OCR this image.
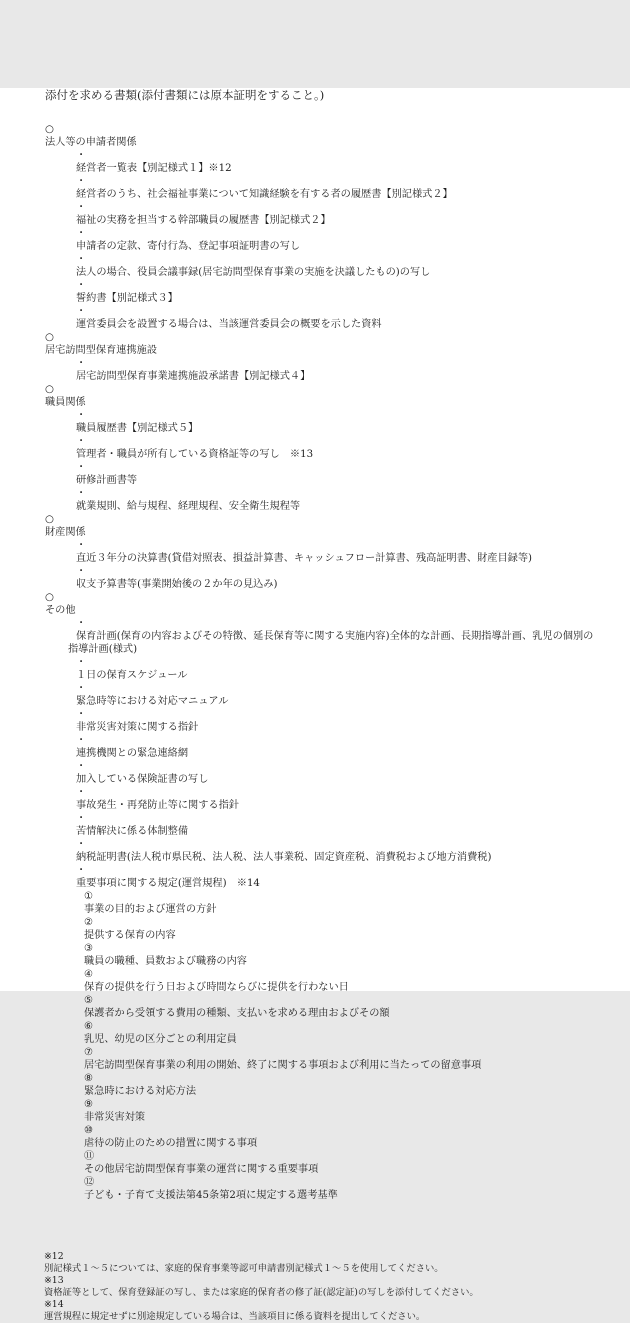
添付を求める書類(添付書類には原本証明をすること。)
○
法人等の申請者関係
・
経営者一覧表【別記様式１】※12
・
経営者のうち、社会福祉事業について知識経験を有する者の履歴書【別記様式２】
・
福祉の実務を担当する幹部職員の履歴書【別記様式２】
・
申請者の定款、寄付行為、登記事項証明書の写し
・
法人の場合、役員会議事録(居宅訪問型保育事業の実施を決議したもの)の写し
・
誓約書【別記様式３】
・
運営委員会を設置する場合は、当該運営委員会の概要を示した資料
○
居宅訪問型保育連携施設
・
居宅訪問型保育事業連携施設承諾書【別記様式４】
○
職員関係
・
職員履歴書【別記様式５】
・
管理者・職員が所有している資格証等の写し　※13
・
研修計画書等
・
就業規則、給与規程、経理規程、安全衛生規程等
○
財産関係
・
直近３年分の決算書(貸借対照表、損益計算書、キャッシュフロー計算書、残高証明書、財産目録等)
・
収支予算書等(事業開始後の２か年の見込み)
○
その他
・
保育計画(保育の内容およびその特徴、延長保育等に関する実施内容)全体的な計画、長期指導計画、乳児の個別の指導計画(様式)
・
１日の保育スケジュール
・
緊急時等における対応マニュアル
・
非常災害対策に関する指針
・
連携機関との緊急連絡網
・
加入している保険証書の写し
・
事故発生・再発防止等に関する指針
・
苦情解決に係る体制整備
・
納税証明書(法人税市県民税、法人税、法人事業税、固定資産税、消費税および地方消費税)
・
重要事項に関する規定(運営規程)　※14
①
事業の目的および運営の方針
②
提供する保育の内容
③
職員の職種、員数および職務の内容
④
保育の提供を行う日および時間ならびに提供を行わない日
⑤
保護者から受領する費用の種類、支払いを求める理由およびその額
⑥
乳児、幼児の区分ごとの利用定員
⑦
居宅訪問型保育事業の利用の開始、終了に関する事項および利用に当たっての留意事項
⑧
緊急時における対応方法
⑨
非常災害対策
⑩
虐待の防止のための措置に関する事項
⑪
その他居宅訪問型保育事業の運営に関する重要事項
⑫
子ども・子育て支援法第45条第2項に規定する選考基準
※12
別記様式１～５については、家庭的保育事業等認可申請書別記様式１～５を使用してください。
※13
資格証等として、保育登録証の写し、または家庭的保育者の修了証(認定証)の写しを添付してください。
※14
運営規程に規定せずに別途規定している場合は、当該項目に係る資料を提出してください。
